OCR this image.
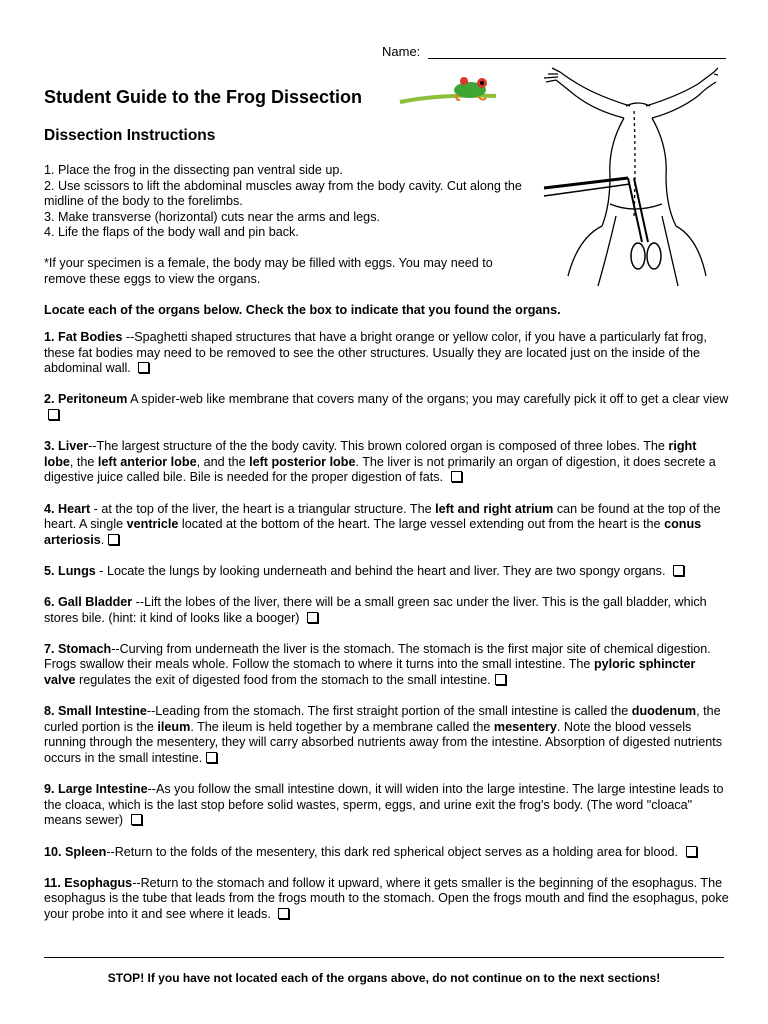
Name:
Student Guide to the Frog Dissection
Dissection Instructions
1. Place the frog in the dissecting pan ventral side up.
2. Use scissors to lift the abdominal muscles away from the body cavity. Cut along the midline of the body to the forelimbs.
3. Make transverse (horizontal) cuts near the arms and legs.
4. Life the flaps of the body wall and pin back.
*If your specimen is a female, the body may be filled with eggs. You may need to remove these eggs to view the organs.
Locate each of the organs below. Check the box to indicate that you found the organs.
1. Fat Bodies --Spaghetti shaped structures that have a bright orange or yellow color, if you have a particularly fat frog, these fat bodies may need to be removed to see the other structures. Usually they are located just on the inside of the abdominal wall.
2. Peritoneum A spider-web like membrane that covers many of the organs; you may carefully pick it off to get a clear view
3. Liver--The largest structure of the the body cavity. This brown colored organ is composed of three lobes. The right lobe, the left anterior lobe, and the left posterior lobe. The liver is not primarily an organ of digestion, it does secrete a digestive juice called bile. Bile is needed for the proper digestion of fats.
4. Heart - at the top of the liver, the heart is a triangular structure. The left and right atrium can be found at the top of the heart. A single ventricle located at the bottom of the heart. The large vessel extending out from the heart is the conus arteriosis.
5. Lungs - Locate the lungs by looking underneath and behind the heart and liver. They are two spongy organs.
6. Gall Bladder --Lift the lobes of the liver, there will be a small green sac under the liver. This is the gall bladder, which stores bile. (hint: it kind of looks like a booger)
7. Stomach--Curving from underneath the liver is the stomach. The stomach is the first major site of chemical digestion. Frogs swallow their meals whole. Follow the stomach to where it turns into the small intestine. The pyloric sphincter valve regulates the exit of digested food from the stomach to the small intestine.
8. Small Intestine--Leading from the stomach. The first straight portion of the small intestine is called the duodenum, the curled portion is the ileum. The ileum is held together by a membrane called the mesentery. Note the blood vessels running through the mesentery, they will carry absorbed nutrients away from the intestine. Absorption of digested nutrients occurs in the small intestine.
9. Large Intestine--As you follow the small intestine down, it will widen into the large intestine. The large intestine leads to the cloaca, which is the last stop before solid wastes, sperm, eggs, and urine exit the frog's body. (The word "cloaca" means sewer)
10. Spleen--Return to the folds of the mesentery, this dark red spherical object serves as a holding area for blood.
11. Esophagus--Return to the stomach and follow it upward, where it gets smaller is the beginning of the esophagus. The esophagus is the tube that leads from the frogs mouth to the stomach. Open the frogs mouth and find the esophagus, poke your probe into it and see where it leads.
STOP! If you have not located each of the organs above, do not continue on to the next sections!
